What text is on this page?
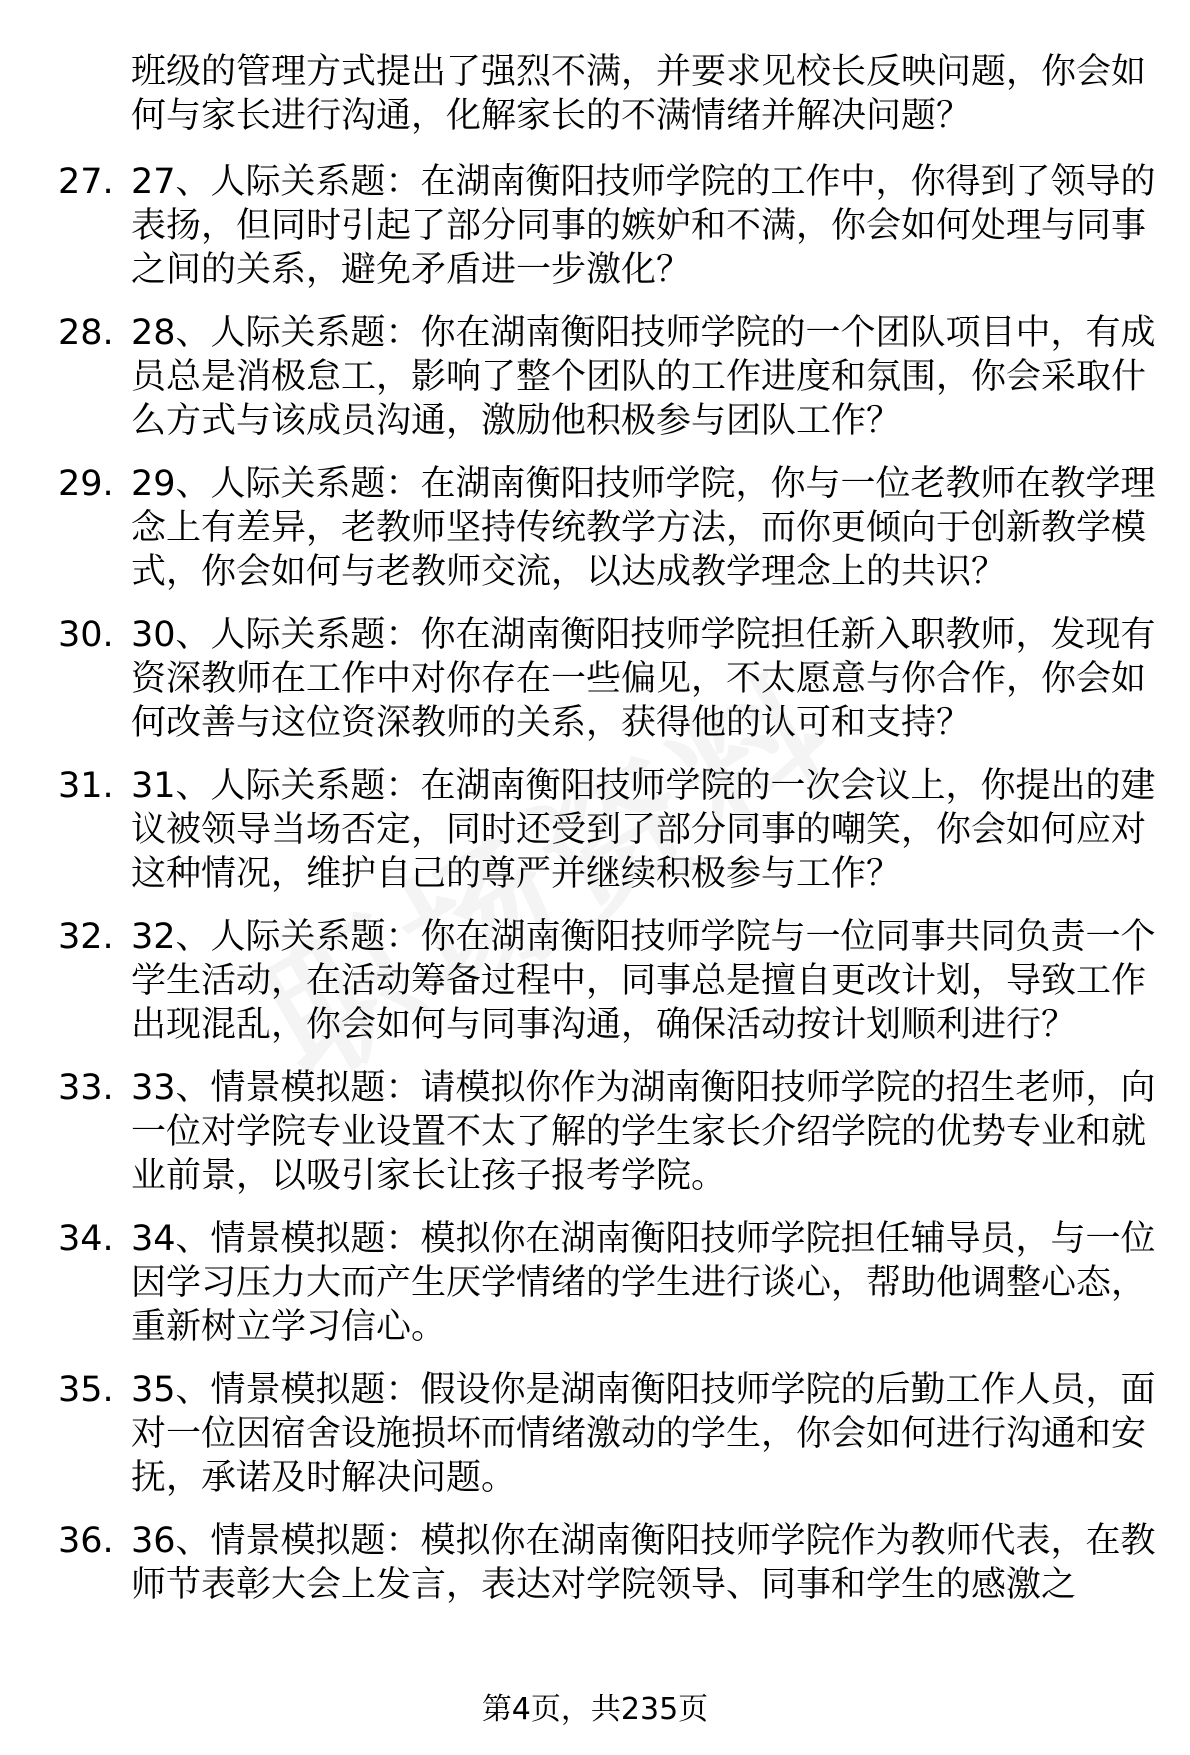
班级的管理方式提出了强烈不满，并要求见校长反映问题，你会如何与家长进行沟通，化解家长的不满情绪并解决问题？
27. 27、人际关系题：在湖南衡阳技师学院的工作中，你得到了领导的表扬，但同时引起了部分同事的嫉妒和不满，你会如何处理与同事之间的关系，避免矛盾进一步激化？
28. 28、人际关系题：你在湖南衡阳技师学院的一个团队项目中，有成员总是消极怠工，影响了整个团队的工作进度和氛围，你会采取什么方式与该成员沟通，激励他积极参与团队工作？
29. 29、人际关系题：在湖南衡阳技师学院，你与一位老教师在教学理念上有差异，老教师坚持传统教学方法，而你更倾向于创新教学模式，你会如何与老教师交流，以达成教学理念上的共识？
30. 30、人际关系题：你在湖南衡阳技师学院担任新入职教师，发现有资深教师在工作中对你存在一些偏见，不太愿意与你合作，你会如何改善与这位资深教师的关系，获得他的认可和支持？
31. 31、人际关系题：在湖南衡阳技师学院的一次会议上，你提出的建议被领导当场否定，同时还受到了部分同事的嘲笑，你会如何应对这种情况，维护自己的尊严并继续积极参与工作？
32. 32、人际关系题：你在湖南衡阳技师学院与一位同事共同负责一个学生活动，在活动筹备过程中，同事总是擅自更改计划，导致工作出现混乱，你会如何与同事沟通，确保活动按计划顺利进行？
33. 33、情景模拟题：请模拟你作为湖南衡阳技师学院的招生老师，向一位对学院专业设置不太了解的学生家长介绍学院的优势专业和就业前景，以吸引家长让孩子报考学院。
34. 34、情景模拟题：模拟你在湖南衡阳技师学院担任辅导员，与一位因学习压力大而产生厌学情绪的学生进行谈心，帮助他调整心态，重新树立学习信心。
35. 35、情景模拟题：假设你是湖南衡阳技师学院的后勤工作人员，面对一位因宿舍设施损坏而情绪激动的学生，你会如何进行沟通和安抚，承诺及时解决问题。
36. 36、情景模拟题：模拟你在湖南衡阳技师学院作为教师代表，在教师节表彰大会上发言，表达对学院领导、同事和学生的感激之
第4页，共235页
